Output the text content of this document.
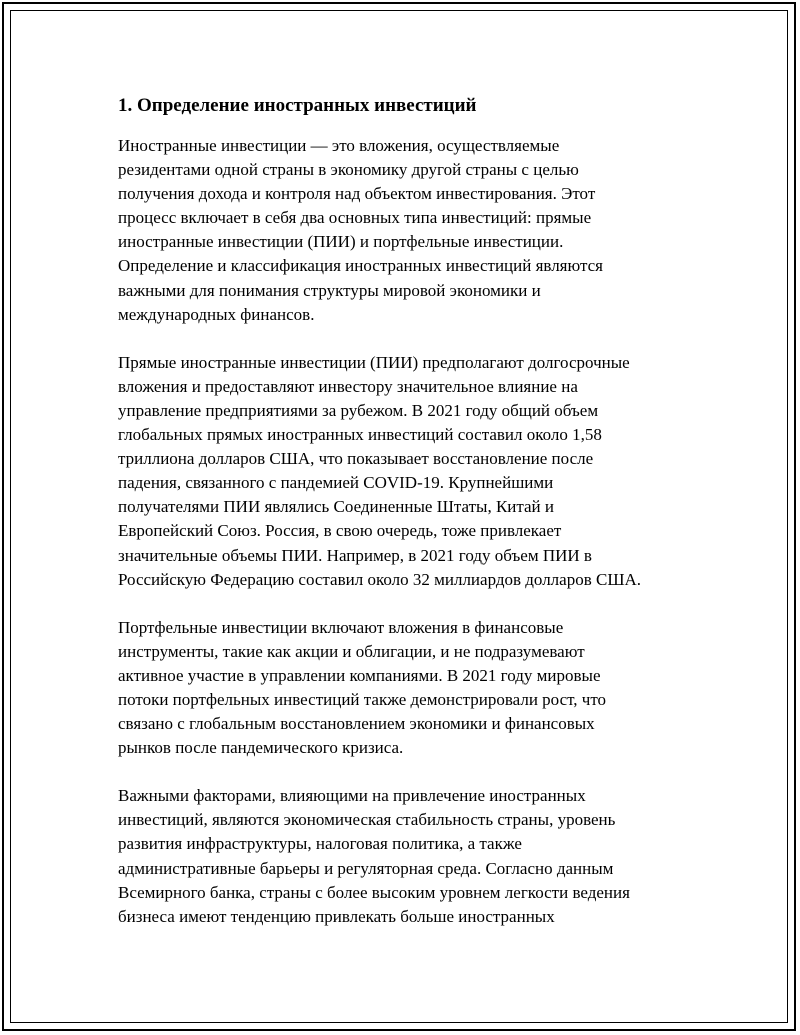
1. Определение иностранных инвестиций
Иностранные инвестиции — это вложения, осуществляемые
резидентами одной страны в экономику другой страны с целью
получения дохода и контроля над объектом инвестирования. Этот
процесс включает в себя два основных типа инвестиций: прямые
иностранные инвестиции (ПИИ) и портфельные инвестиции.
Определение и классификация иностранных инвестиций являются
важными для понимания структуры мировой экономики и
международных финансов.
Прямые иностранные инвестиции (ПИИ) предполагают долгосрочные
вложения и предоставляют инвестору значительное влияние на
управление предприятиями за рубежом. В 2021 году общий объем
глобальных прямых иностранных инвестиций составил около 1,58
триллиона долларов США, что показывает восстановление после
падения, связанного с пандемией COVID-19. Крупнейшими
получателями ПИИ являлись Соединенные Штаты, Китай и
Европейский Союз. Россия, в свою очередь, тоже привлекает
значительные объемы ПИИ. Например, в 2021 году объем ПИИ в
Российскую Федерацию составил около 32 миллиардов долларов США.
Портфельные инвестиции включают вложения в финансовые
инструменты, такие как акции и облигации, и не подразумевают
активное участие в управлении компаниями. В 2021 году мировые
потоки портфельных инвестиций также демонстрировали рост, что
связано с глобальным восстановлением экономики и финансовых
рынков после пандемического кризиса.
Важными факторами, влияющими на привлечение иностранных
инвестиций, являются экономическая стабильность страны, уровень
развития инфраструктуры, налоговая политика, а также
административные барьеры и регуляторная среда. Согласно данным
Всемирного банка, страны с более высоким уровнем легкости ведения
бизнеса имеют тенденцию привлекать больше иностранных
